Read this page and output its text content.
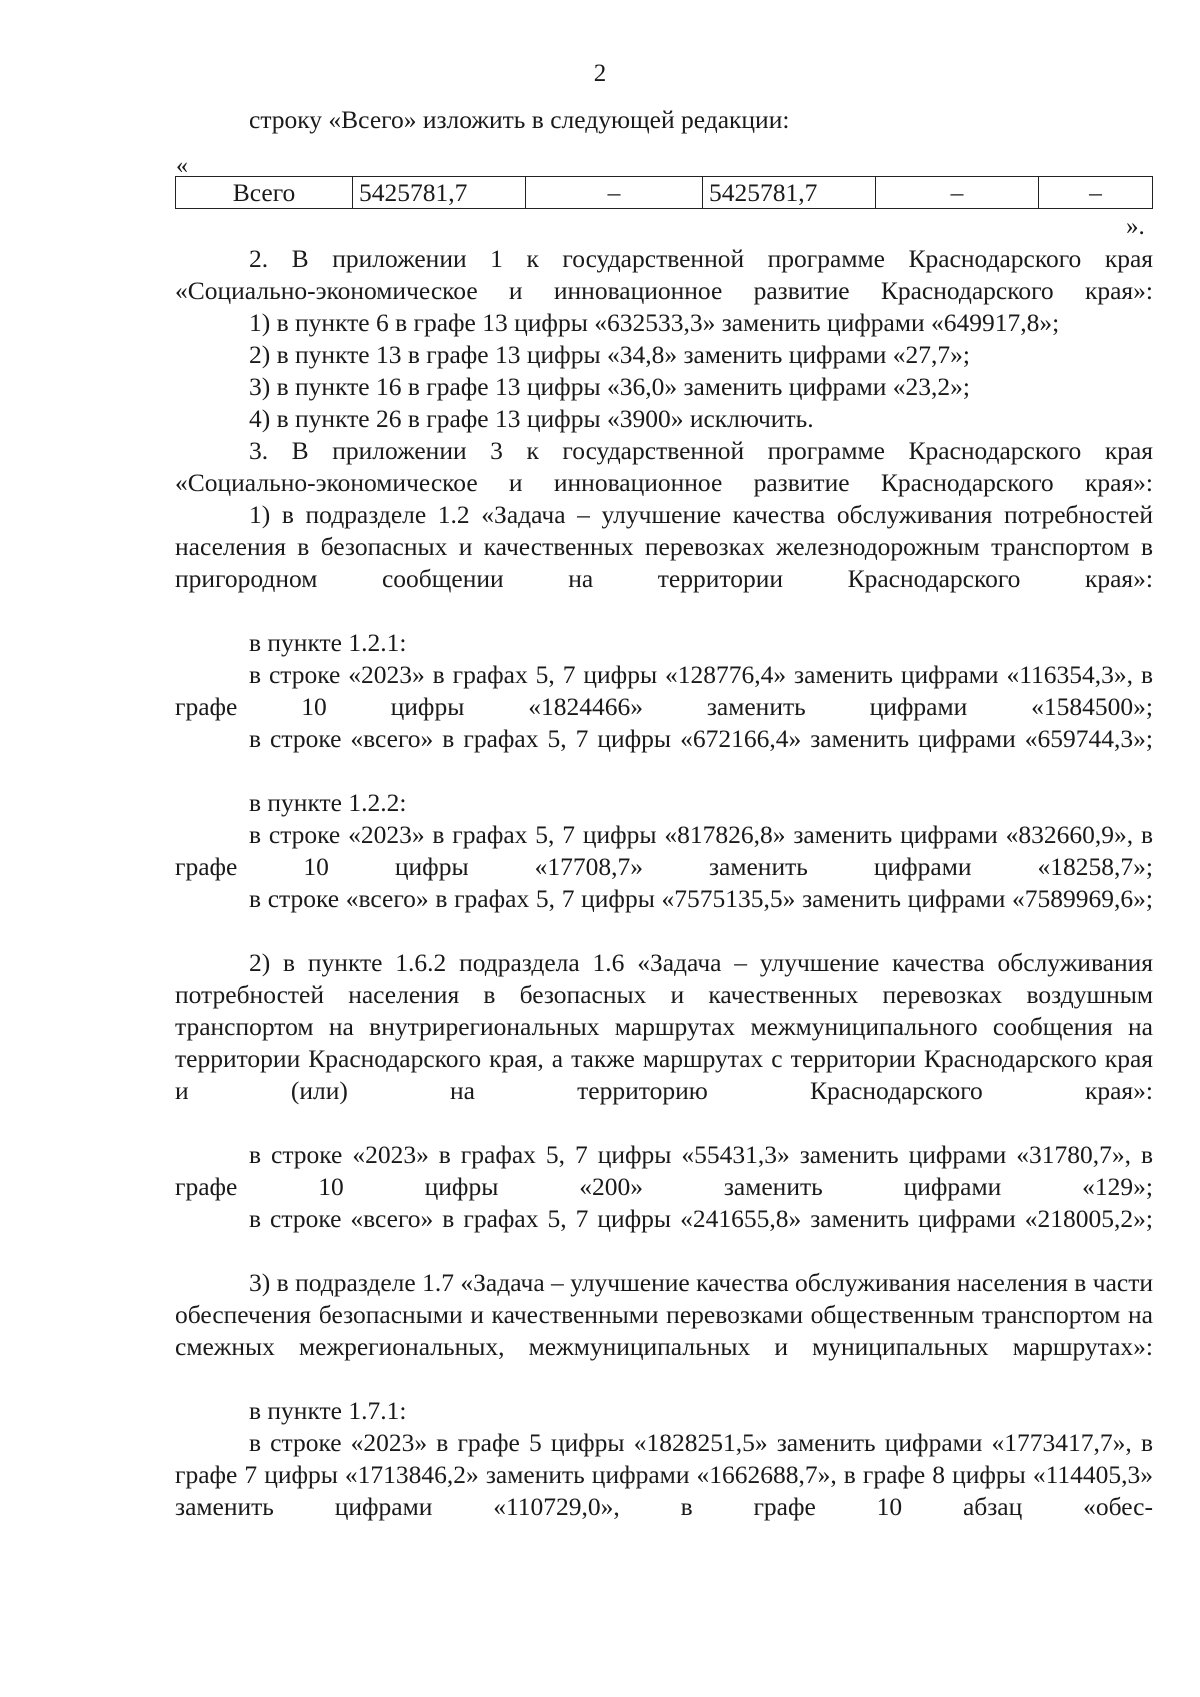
2

строку «Всего» изложить в следующей редакции:

«
Всего	5425781,7	–	5425781,7	–	–
».

2. В приложении 1 к государственной программе Краснодарского края «Социально-экономическое и инновационное развитие Краснодарского края»:

1) в пункте 6 в графе 13 цифры «632533,3» заменить цифрами «649917,8»;

2) в пункте 13 в графе 13 цифры «34,8» заменить цифрами «27,7»;

3) в пункте 16 в графе 13 цифры «36,0» заменить цифрами «23,2»;

4) в пункте 26 в графе 13 цифры «3900» исключить.

3. В приложении 3 к государственной программе Краснодарского края «Социально-экономическое и инновационное развитие Краснодарского края»:

1) в подразделе 1.2 «Задача – улучшение качества обслуживания потребностей населения в безопасных и качественных перевозках железнодорожным транспортом в пригородном сообщении на территории Краснодарского края»:

в пункте 1.2.1:

в строке «2023» в графах 5, 7 цифры «128776,4» заменить цифрами «116354,3», в графе 10 цифры «1824466» заменить цифрами «1584500»;

в строке «всего» в графах 5, 7 цифры «672166,4» заменить цифрами «659744,3»;

в пункте 1.2.2:

в строке «2023» в графах 5, 7 цифры «817826,8» заменить цифрами «832660,9», в графе 10 цифры «17708,7» заменить цифрами «18258,7»;

в строке «всего» в графах 5, 7 цифры «7575135,5» заменить цифрами «7589969,6»;

2) в пункте 1.6.2 подраздела 1.6 «Задача – улучшение качества обслуживания потребностей населения в безопасных и качественных перевозках воздушным транспортом на внутрирегиональных маршрутах межмуниципального сообщения на территории Краснодарского края, а также маршрутах с территории Краснодарского края и (или) на территорию Краснодарского края»:

в строке «2023» в графах 5, 7 цифры «55431,3» заменить цифрами «31780,7», в графе 10 цифры «200» заменить цифрами «129»;

в строке «всего» в графах 5, 7 цифры «241655,8» заменить цифрами «218005,2»;

3) в подразделе 1.7 «Задача – улучшение качества обслуживания населения в части обеспечения безопасными и качественными перевозками общественным транспортом на смежных межрегиональных, межмуниципальных и муниципальных маршрутах»:

в пункте 1.7.1:

в строке «2023» в графе 5 цифры «1828251,5» заменить цифрами «1773417,7», в графе 7 цифры «1713846,2» заменить цифрами «1662688,7», в графе 8 цифры «114405,3» заменить цифрами «110729,0», в графе 10 абзац «обес-
